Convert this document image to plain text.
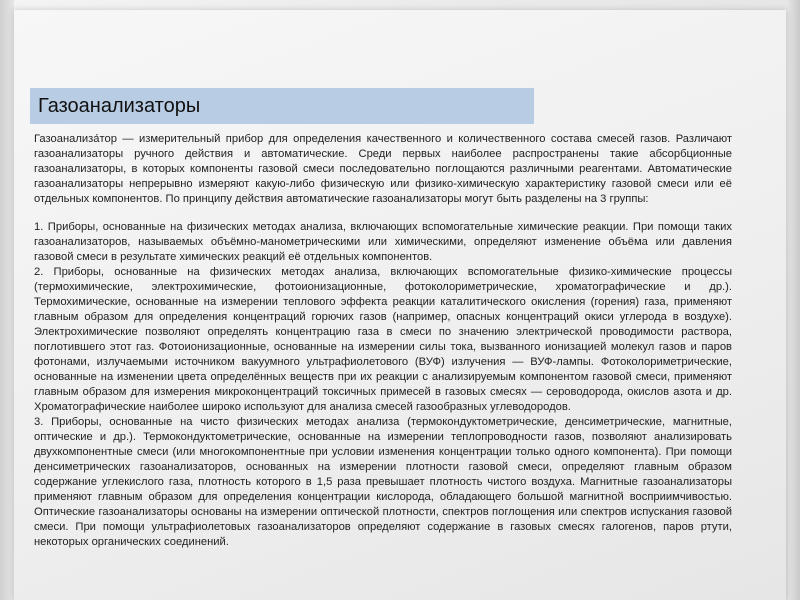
Газоанализаторы

Газоанализа́тор — измерительный прибор для определения качественного и количественного состава смесей газов. Различают газоанализаторы ручного действия и автоматические. Среди первых наиболее распространены такие абсорбционные газоанализаторы, в которых компоненты газовой смеси последовательно поглощаются различными реагентами. Автоматические газоанализаторы непрерывно измеряют какую-либо физическую или физико-химическую характеристику газовой смеси или её отдельных компонентов. По принципу действия автоматические газоанализаторы могут быть разделены на 3 группы:

1. Приборы, основанные на физических методах анализа, включающих вспомогательные химические реакции. При помощи таких газоанализаторов, называемых объёмно-манометрическими или химическими, определяют изменение объёма или давления газовой смеси в результате химических реакций её отдельных компонентов.

2. Приборы, основанные на физических методах анализа, включающих вспомогательные физико-химические процессы (термохимические, электрохимические, фотоионизационные, фотоколориметрические, хроматографические и др.). Термохимические, основанные на измерении теплового эффекта реакции каталитического окисления (горения) газа, применяют главным образом для определения концентраций горючих газов (например, опасных концентраций окиси углерода в воздухе). Электрохимические позволяют определять концентрацию газа в смеси по значению электрической проводимости раствора, поглотившего этот газ. Фотоионизационные, основанные на измерении силы тока, вызванного ионизацией молекул газов и паров фотонами, излучаемыми источником вакуумного ультрафиолетового (ВУФ) излучения — ВУФ-лампы. Фотоколориметрические, основанные на изменении цвета определённых веществ при их реакции с анализируемым компонентом газовой смеси, применяют главным образом для измерения микроконцентраций токсичных примесей в газовых смесях — сероводорода, окислов азота и др. Хроматографические наиболее широко используют для анализа смесей газообразных углеводородов.

3. Приборы, основанные на чисто физических методах анализа (термокондуктометрические, денсиметрические, магнитные, оптические и др.). Термокондуктометрические, основанные на измерении теплопроводности газов, позволяют анализировать двухкомпонентные смеси (или многокомпонентные при условии изменения концентрации только одного компонента). При помощи денсиметрических газоанализаторов, основанных на измерении плотности газовой смеси, определяют главным образом содержание углекислого газа, плотность которого в 1,5 раза превышает плотность чистого воздуха. Магнитные газоанализаторы применяют главным образом для определения концентрации кислорода, обладающего большой магнитной восприимчивостью. Оптические газоанализаторы основаны на измерении оптической плотности, спектров поглощения или спектров испускания газовой смеси. При помощи ультрафиолетовых газоанализаторов определяют содержание в газовых смесях галогенов, паров ртути, некоторых органических соединений.
